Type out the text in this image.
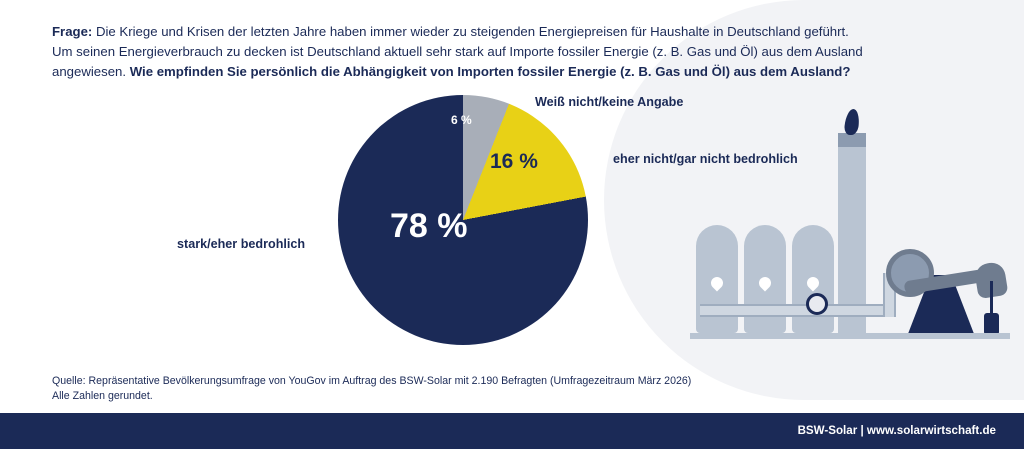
Frage: Die Kriege und Krisen der letzten Jahre haben immer wieder zu steigenden Energiepreisen für Haushalte in Deutschland geführt.
Um seinen Energieverbrauch zu decken ist Deutschland aktuell sehr stark auf Importe fossiler Energie (z. B. Gas und Öl) aus dem Ausland
angewiesen. Wie empfinden Sie persönlich die Abhängigkeit von Importen fossiler Energie (z. B. Gas und Öl) aus dem Ausland?
78 %
16 %
6 %
Weiß nicht/keine Angabe
eher nicht/gar nicht bedrohlich
stark/eher bedrohlich
Quelle: Repräsentative Bevölkerungsumfrage von YouGov im Auftrag des BSW-Solar mit 2.190 Befragten (Umfragezeitraum März 2026)
Alle Zahlen gerundet.
BSW-Solar | www.solarwirtschaft.de
